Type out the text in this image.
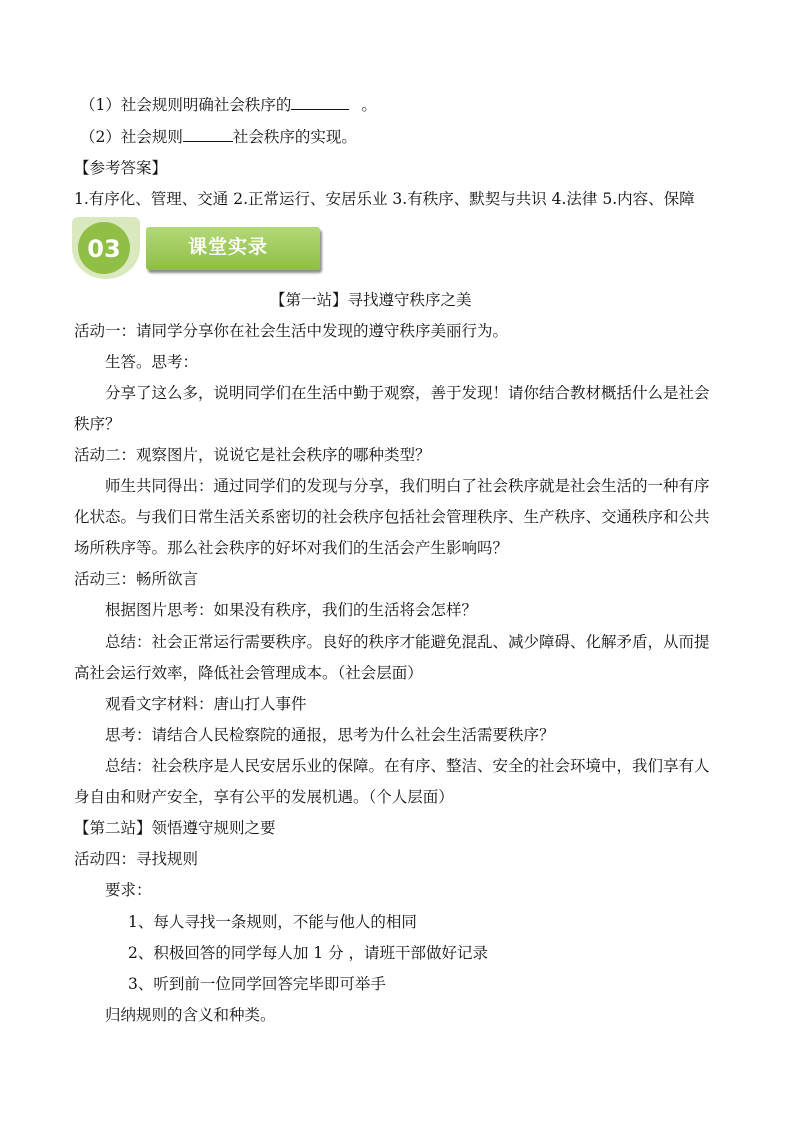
（1）社会规则明确社会秩序的	。
（2）社会规则	社会秩序的实现。
【参考答案】
1.有序化、管理、交通 2.正常运行、安居乐业 3.有秩序、默契与共识 4.法律 5.内容、保障
03	课堂实录
【第一站】寻找遵守秩序之美
活动一：请同学分享你在社会生活中发现的遵守秩序美丽行为。
生答。思考：
分享了这么多，说明同学们在生活中勤于观察，善于发现！请你结合教材概括什么是社会
秩序？
活动二：观察图片，说说它是社会秩序的哪种类型？
师生共同得出：通过同学们的发现与分享，我们明白了社会秩序就是社会生活的一种有序
化状态。与我们日常生活关系密切的社会秩序包括社会管理秩序、生产秩序、交通秩序和公共
场所秩序等。那么社会秩序的好坏对我们的生活会产生影响吗？
活动三：畅所欲言
根据图片思考：如果没有秩序，我们的生活将会怎样？
总结：社会正常运行需要秩序。良好的秩序才能避免混乱、减少障碍、化解矛盾，从而提
高社会运行效率，降低社会管理成本。（社会层面）
观看文字材料：唐山打人事件
思考：请结合人民检察院的通报，思考为什么社会生活需要秩序？
总结：社会秩序是人民安居乐业的保障。在有序、整洁、安全的社会环境中，我们享有人
身自由和财产安全，享有公平的发展机遇。（个人层面）
【第二站】领悟遵守规则之要
活动四：寻找规则
要求：
1、每人寻找一条规则，不能与他人的相同
2、积极回答的同学每人加 1 分 ，请班干部做好记录
3、听到前一位同学回答完毕即可举手
归纳规则的含义和种类。
